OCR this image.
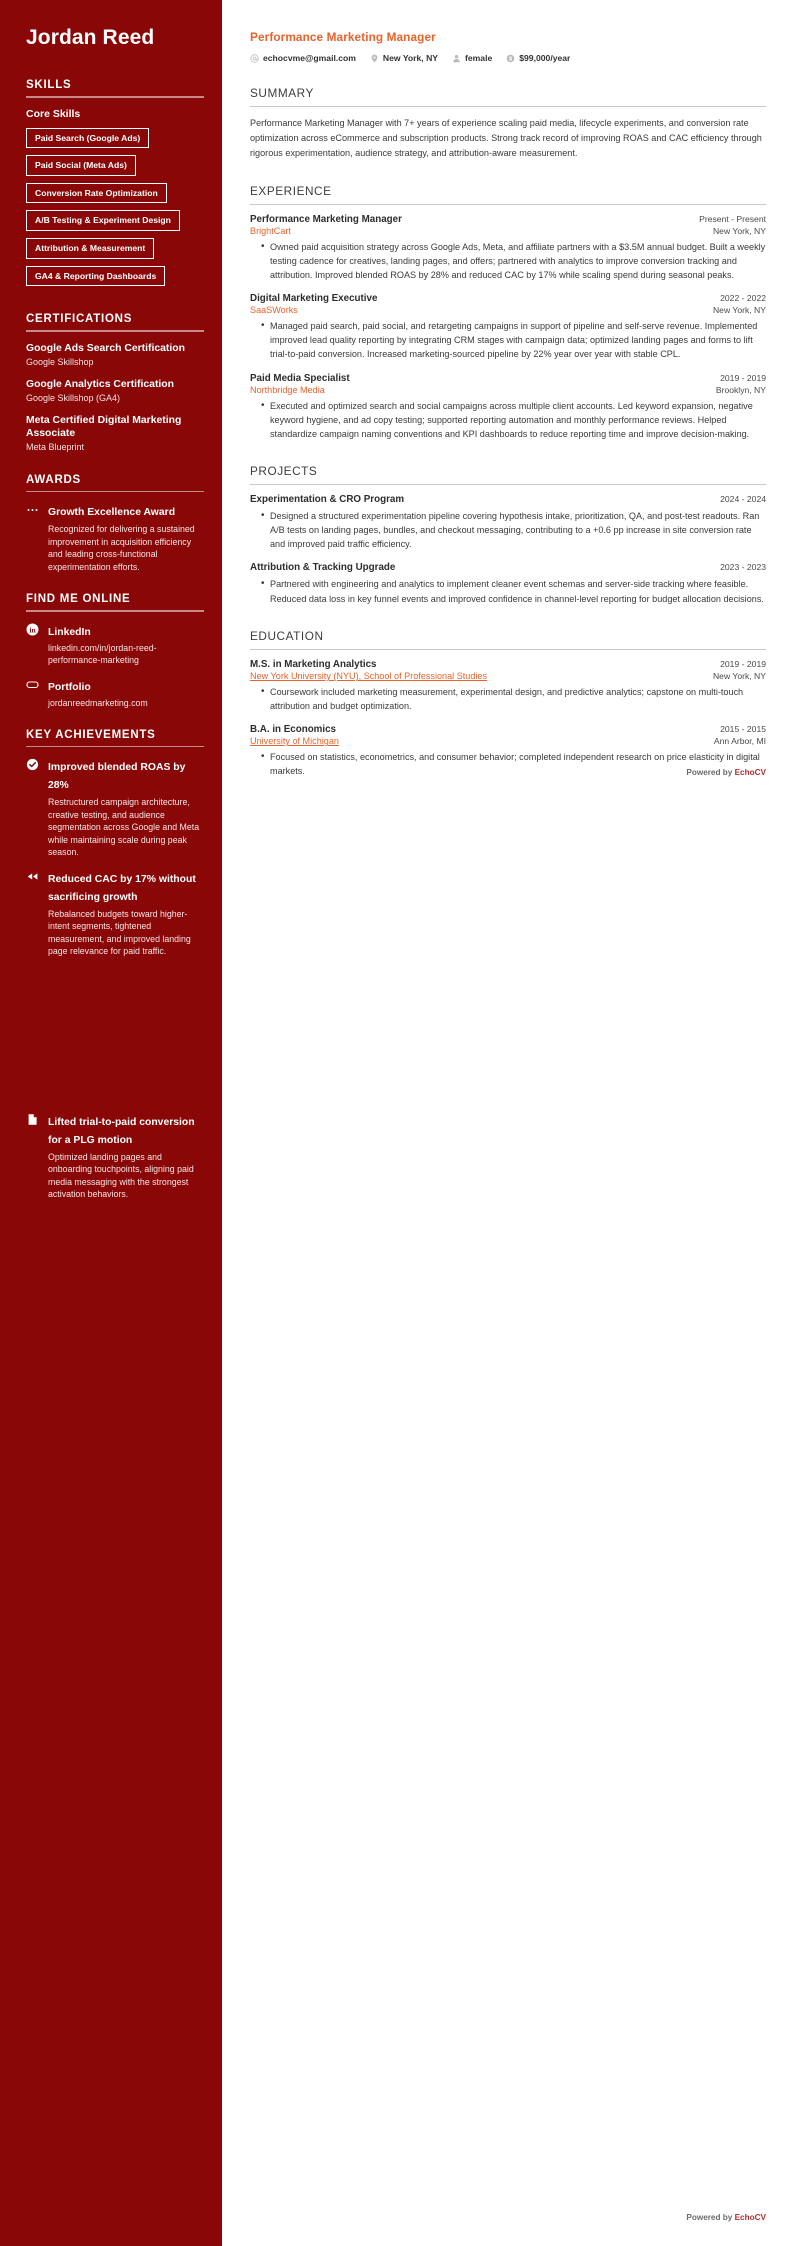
Jordan Reed
SKILLS
Core Skills
Paid Search (Google Ads)Paid Social (Meta Ads)Conversion Rate OptimizationA/B Testing & Experiment DesignAttribution & MeasurementGA4 & Reporting Dashboards
CERTIFICATIONS
Google Ads Search Certification
Google Skillshop
Google Analytics Certification
Google Skillshop (GA4)
Meta Certified Digital Marketing Associate
Meta Blueprint
AWARDS
Growth Excellence Award
Recognized for delivering a sustained improvement in acquisition efficiency and leading cross-functional experimentation efforts.
FIND ME ONLINE
in LinkedIn
linkedin.com/in/jordan-reed-performance-marketing
Portfolio
jordanreedmarketing.com
KEY ACHIEVEMENTS
Improved blended ROAS by 28%
Restructured campaign architecture, creative testing, and audience segmentation across Google and Meta while maintaining scale during peak season.
Reduced CAC by 17% without sacrificing growth
Rebalanced budgets toward higher-intent segments, tightened measurement, and improved landing page relevance for paid traffic.
Lifted trial-to-paid conversion for a PLG motion
Optimized landing pages and onboarding touchpoints, aligning paid media messaging with the strongest activation behaviors.
Performance Marketing Manager
echocvme@gmail.com	New York, NY	female $ $99,000/year
SUMMARY
Performance Marketing Manager with 7+ years of experience scaling paid media, lifecycle experiments, and conversion rate optimization across eCommerce and subscription products. Strong track record of improving ROAS and CAC efficiency through rigorous experimentation, audience strategy, and attribution-aware measurement.
EXPERIENCE
Performance Marketing Manager	Present - Present
BrightCart	New York, NY
• Owned paid acquisition strategy across Google Ads, Meta, and affiliate partners with a $3.5M annual budget. Built a weekly testing cadence for creatives, landing pages, and offers; partnered with analytics to improve conversion tracking and attribution. Improved blended ROAS by 28% and reduced CAC by 17% while scaling spend during seasonal peaks.
Digital Marketing Executive	2022 - 2022
SaaSWorks	New York, NY
• Managed paid search, paid social, and retargeting campaigns in support of pipeline and self-serve revenue. Implemented improved lead quality reporting by integrating CRM stages with campaign data; optimized landing pages and forms to lift trial-to-paid conversion. Increased marketing-sourced pipeline by 22% year over year with stable CPL.
Paid Media Specialist	2019 - 2019
Northbridge Media	Brooklyn, NY
• Executed and optimized search and social campaigns across multiple client accounts. Led keyword expansion, negative keyword hygiene, and ad copy testing; supported reporting automation and monthly performance reviews. Helped standardize campaign naming conventions and KPI dashboards to reduce reporting time and improve decision-making.
PROJECTS
Experimentation & CRO Program	2024 - 2024
• Designed a structured experimentation pipeline covering hypothesis intake, prioritization, QA, and post-test readouts. Ran A/B tests on landing pages, bundles, and checkout messaging, contributing to a +0.6 pp increase in site conversion rate and improved paid traffic efficiency.
Attribution & Tracking Upgrade	2023 - 2023
• Partnered with engineering and analytics to implement cleaner event schemas and server-side tracking where feasible. Reduced data loss in key funnel events and improved confidence in channel-level reporting for budget allocation decisions.
EDUCATION
M.S. in Marketing Analytics	2019 - 2019
New York University (NYU), School of Professional Studies	New York, NY
• Coursework included marketing measurement, experimental design, and predictive analytics; capstone on multi-touch attribution and budget optimization.
B.A. in Economics	2015 - 2015
University of Michigan	Ann Arbor, MI
• Focused on statistics, econometrics, and consumer behavior; completed independent research on price elasticity in digital markets.	Powered by EchoCV
Powered by EchoCV
